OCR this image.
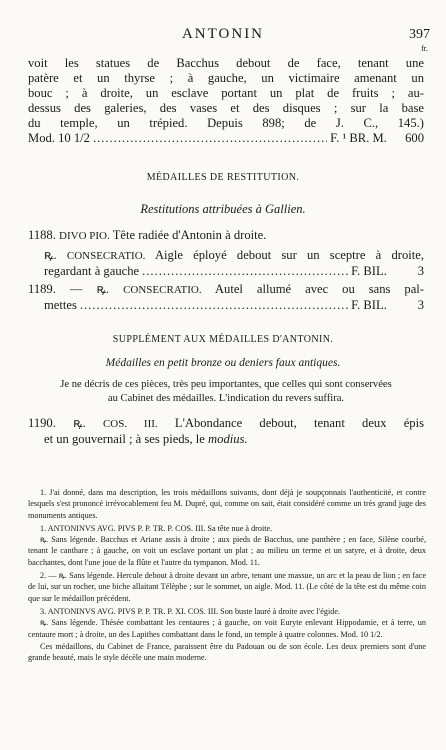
ANTONIN	397
fr.
voit les statues de Bacchus debout de face, tenant une
patère et un thyrse ; à gauche, un victimaire amenant un
bouc ; à droite, un esclave portant un plat de fruits ; au-
dessus des galeries, des vases et des disques ; sur la base
du temple, un trépied. Depuis 898; de J. C., 145.)
Mod. 10 1/2 .....	F. ¹ BR. M. 600
MÉDAILLES DE RESTITUTION.
Restitutions attribuées à Gallien.
1188. DIVO PIO. Tête radiée d'Antonin à droite.
ꝶ. CONSECRATIO. Aigle éployé debout sur un sceptre à droite,
regardant à gauche .....	F. BIL. 3
1189. — ꝶ. CONSECRATIO. Autel allumé avec ou sans pal-
mettes .....	F. BIL. 3
SUPPLÉMENT AUX MÉDAILLES D'ANTONIN.
Médailles en petit bronze ou deniers faux antiques.
Je ne décris de ces pièces, très peu importantes, que celles qui sont conservées
au Cabinet des médailles. L'indication du revers suffira.
1190. ꝶ. COS. III. L'Abondance debout, tenant deux épis
et un gouvernail ; à ses pieds, le modius.

1. J'ai donné, dans ma description, les trois médaillons suivants, dont déjà je soupçonnais l'authenticité, et contre lesquels s'est prononcé irrévocablement feu M. Dupré, qui, comme on sait, était considéré comme un très grand juge des monuments antiques.

1. ANTONINVS AVG. PIVS P. P. TR. P. COS. III. Sa tête nue à droite.

ꝶ. Sans légende. Bacchus et Ariane assis à droite ; aux pieds de Bacchus, une panthère ; en face, Silène courbé, tenant le canthare ; à gauche, on voit un esclave portant un plat ; au milieu un terme et un satyre, et à droite, deux bacchantes, dont l'une joue de la flûte et l'autre du tympanon. Mod. 11.

2. — ꝶ. Sans légende. Hercule debout à droite devant un arbre, tenant une massue, un arc et la peau de lion ; en face de lui, sur un rocher, une biche allaitant Télèphe ; sur le sommet, un aigle. Mod. 11. (Le côté de la tête est du même coin que sur le médaillon précédent.

3. ANTONINVS AVG. PIVS P. P. TR. P. XI. COS. III. Son buste lauré à droite avec l'égide.

ꝶ. Sans légende. Thésée combattant les centaures ; à gauche, on voit Euryte enlevant Hippodamie, et à terre, un centaure mort ; à droite, un des Lapithes combattant dans le fond, un temple à quatre colonnes. Mod. 10 1/2.

Ces médaillons, du Cabinet de France, paraissent être du Padouan ou de son école. Les deux premiers sont d'une grande beauté, mais le style décèle une main moderne.
